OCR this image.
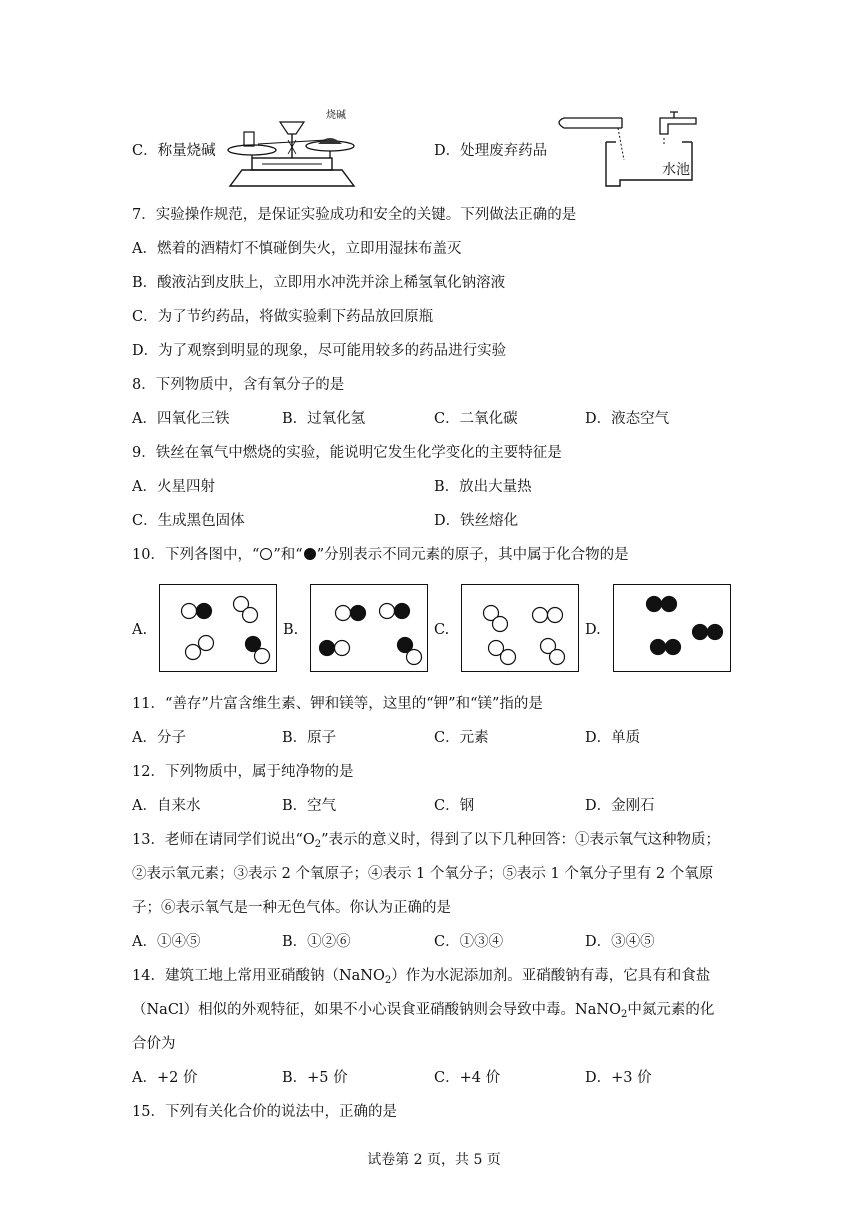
C．称量烧碱
烧碱
D．处理废弃药品
水池
7．实验操作规范，是保证实验成功和安全的关键。下列做法正确的是
A．燃着的酒精灯不慎碰倒失火，立即用湿抹布盖灭
B．酸液沾到皮肤上，立即用水冲洗并涂上稀氢氧化钠溶液
C．为了节约药品，将做实验剩下药品放回原瓶
D．为了观察到明显的现象，尽可能用较多的药品进行实验
8．下列物质中，含有氧分子的是
A．四氧化三铁	B．过氧化氢	C．二氧化碳	D．液态空气
9．铁丝在氧气中燃烧的实验，能说明它发生化学变化的主要特征是
A．火星四射	B．放出大量热
C．生成黑色固体	D．铁丝熔化
10．下列各图中，“ ”和“ ”分别表示不同元素的原子，其中属于化合物的是
A.	B.	C.	D.
11．“善存”片富含维生素、钾和镁等，这里的“钾”和“镁”指的是
A．分子	B．原子	C．元素	D．单质
12．下列物质中，属于纯净物的是
A．自来水	B．空气	C．钢	D．金刚石
13．老师在请同学们说出“$O_2$”表示的意义时，得到了以下几种回答：①表示氧气这种物质；
②表示氧元素；③表示 2 个氧原子；④表示 1 个氧分子；⑤表示 1 个氧分子里有 2 个氧原
子；⑥表示氧气是一种无色气体。你认为正确的是
A．①④⑤	B．①②⑥	C．①③④	D．③④⑤
14．建筑工地上常用亚硝酸钠（NaNO$_2$）作为水泥添加剂。亚硝酸钠有毒，它具有和食盐
（NaCl）相似的外观特征，如果不小心误食亚硝酸钠则会导致中毒。NaNO$_2$中氮元素的化
合价为
A．+2 价	B．+5 价	C．+4 价	D．+3 价
15．下列有关化合价的说法中，正确的是
试卷第 2 页，共 5 页
